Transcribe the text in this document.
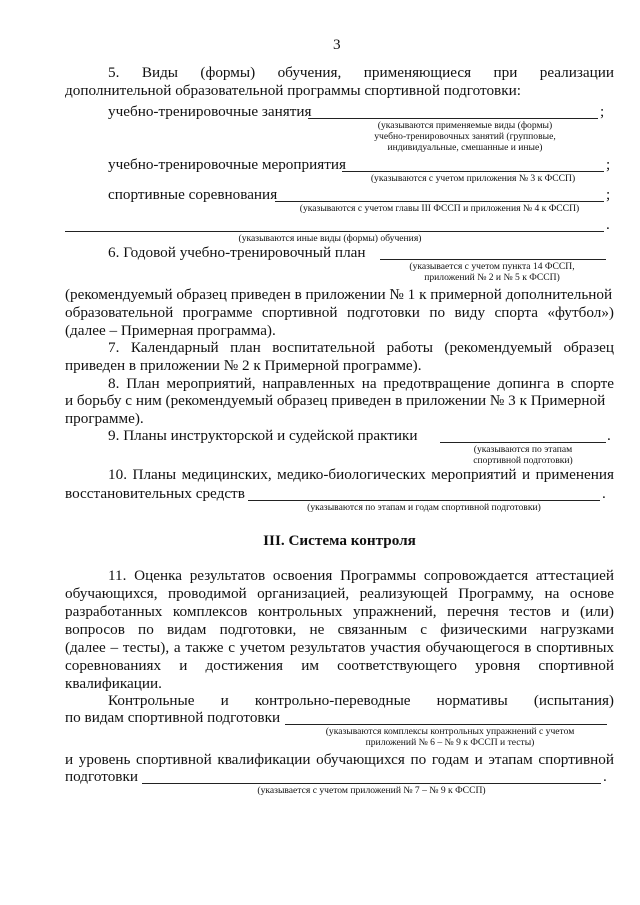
3
5. Виды (формы) обучения, применяющиеся при реализации
дополнительной образовательной программы спортивной подготовки:
учебно-тренировочные занятия	;
(указываются применяемые виды (формы)
учебно-тренировочных занятий (групповые,
индивидуальные, смешанные и иные)
учебно-тренировочные мероприятия	;
(указываются с учетом приложения № 3 к ФССП)
спортивные соревнования	;
(указываются с учетом главы III ФССП и приложения № 4 к ФССП)
.
(указываются иные виды (формы) обучения)
6. Годовой учебно-тренировочный план
(указывается с учетом пункта 14 ФССП,
приложений № 2 и № 5 к ФССП)
(рекомендуемый образец приведен в приложении № 1 к примерной дополнительной
образовательной программе спортивной подготовки по виду спорта «футбол»)
(далее – Примерная программа).
7. Календарный план воспитательной работы (рекомендуемый образец
приведен в приложении № 2 к Примерной программе).
8. План мероприятий, направленных на предотвращение допинга в спорте
и борьбу с ним (рекомендуемый образец приведен в приложении № 3 к Примерной
программе).
9. Планы инструкторской и судейской практики	.
(указываются по этапам
спортивной подготовки)
10. Планы медицинских, медико-биологических мероприятий и применения
восстановительных средств	.
(указываются по этапам и годам спортивной подготовки)
III. Система контроля
11. Оценка результатов освоения Программы сопровождается аттестацией
обучающихся, проводимой организацией, реализующей Программу, на основе
разработанных комплексов контрольных упражнений, перечня тестов и (или)
вопросов по видам подготовки, не связанным с физическими нагрузками
(далее – тесты), а также с учетом результатов участия обучающегося в спортивных
соревнованиях и достижения им соответствующего уровня спортивной
квалификации.
Контрольные и контрольно-переводные нормативы (испытания)
по видам спортивной подготовки
(указываются комплексы контрольных упражнений с учетом
приложений № 6 – № 9 к ФССП и тесты)
и уровень спортивной квалификации обучающихся по годам и этапам спортивной
подготовки	.
(указывается с учетом приложений № 7 – № 9 к ФССП)
